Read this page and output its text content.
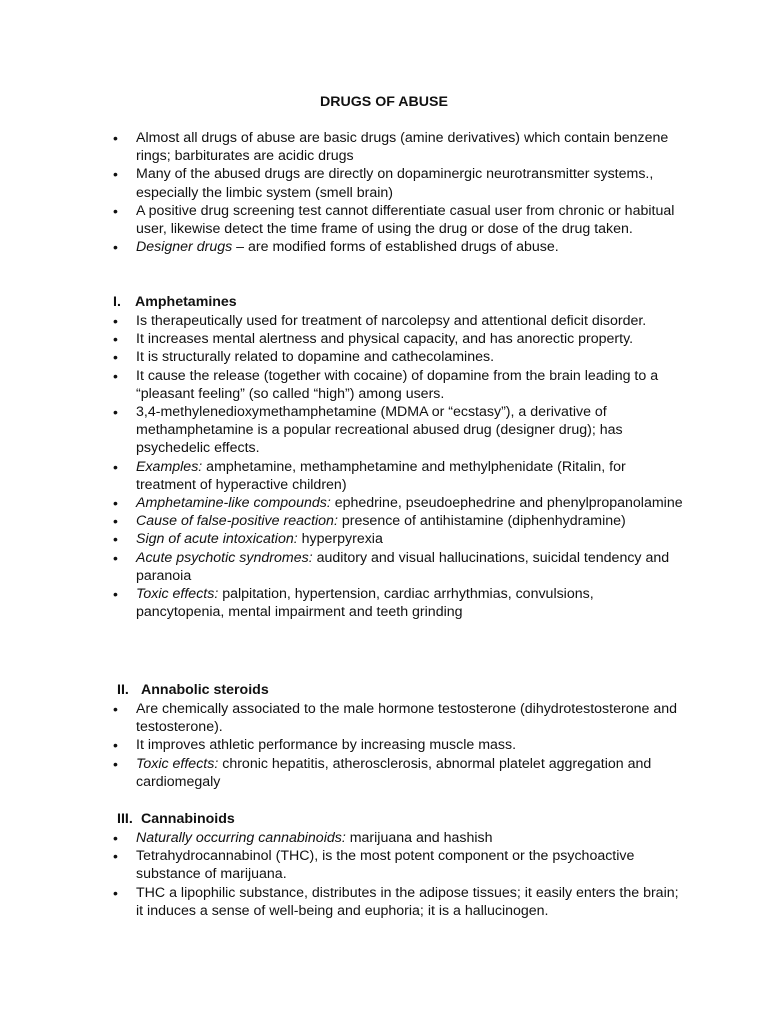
DRUGS OF ABUSE
• Almost all drugs of abuse are basic drugs (amine derivatives) which contain benzene rings; barbiturates are acidic drugs
• Many of the abused drugs are directly on dopaminergic neurotransmitter systems., especially the limbic system (smell brain)
• A positive drug screening test cannot differentiate casual user from chronic or habitual user, likewise detect the time frame of using the drug or dose of the drug taken.
• Designer drugs – are modified forms of established drugs of abuse.
I. Amphetamines
• Is therapeutically used for treatment of narcolepsy and attentional deficit disorder.
• It increases mental alertness and physical capacity, and has anorectic property.
• It is structurally related to dopamine and cathecolamines.
• It cause the release (together with cocaine) of dopamine from the brain leading to a “pleasant feeling” (so called “high”) among users.
• 3,4-methylenedioxymethamphetamine (MDMA or “ecstasy”), a derivative of methamphetamine is a popular recreational abused drug (designer drug); has psychedelic effects.
• Examples: amphetamine, methamphetamine and methylphenidate (Ritalin, for treatment of hyperactive children)
• Amphetamine-like compounds: ephedrine, pseudoephedrine and phenylpropanolamine
• Cause of false-positive reaction: presence of antihistamine (diphenhydramine)
• Sign of acute intoxication: hyperpyrexia
• Acute psychotic syndromes: auditory and visual hallucinations, suicidal tendency and paranoia
• Toxic effects: palpitation, hypertension, cardiac arrhythmias, convulsions, pancytopenia, mental impairment and teeth grinding
II. Annabolic steroids
• Are chemically associated to the male hormone testosterone (dihydrotestosterone and testosterone).
• It improves athletic performance by increasing muscle mass.
• Toxic effects: chronic hepatitis, atherosclerosis, abnormal platelet aggregation and cardiomegaly
III. Cannabinoids
• Naturally occurring cannabinoids: marijuana and hashish
• Tetrahydrocannabinol (THC), is the most potent component or the psychoactive substance of marijuana.
• THC a lipophilic substance, distributes in the adipose tissues; it easily enters the brain; it induces a sense of well-being and euphoria; it is a hallucinogen.
